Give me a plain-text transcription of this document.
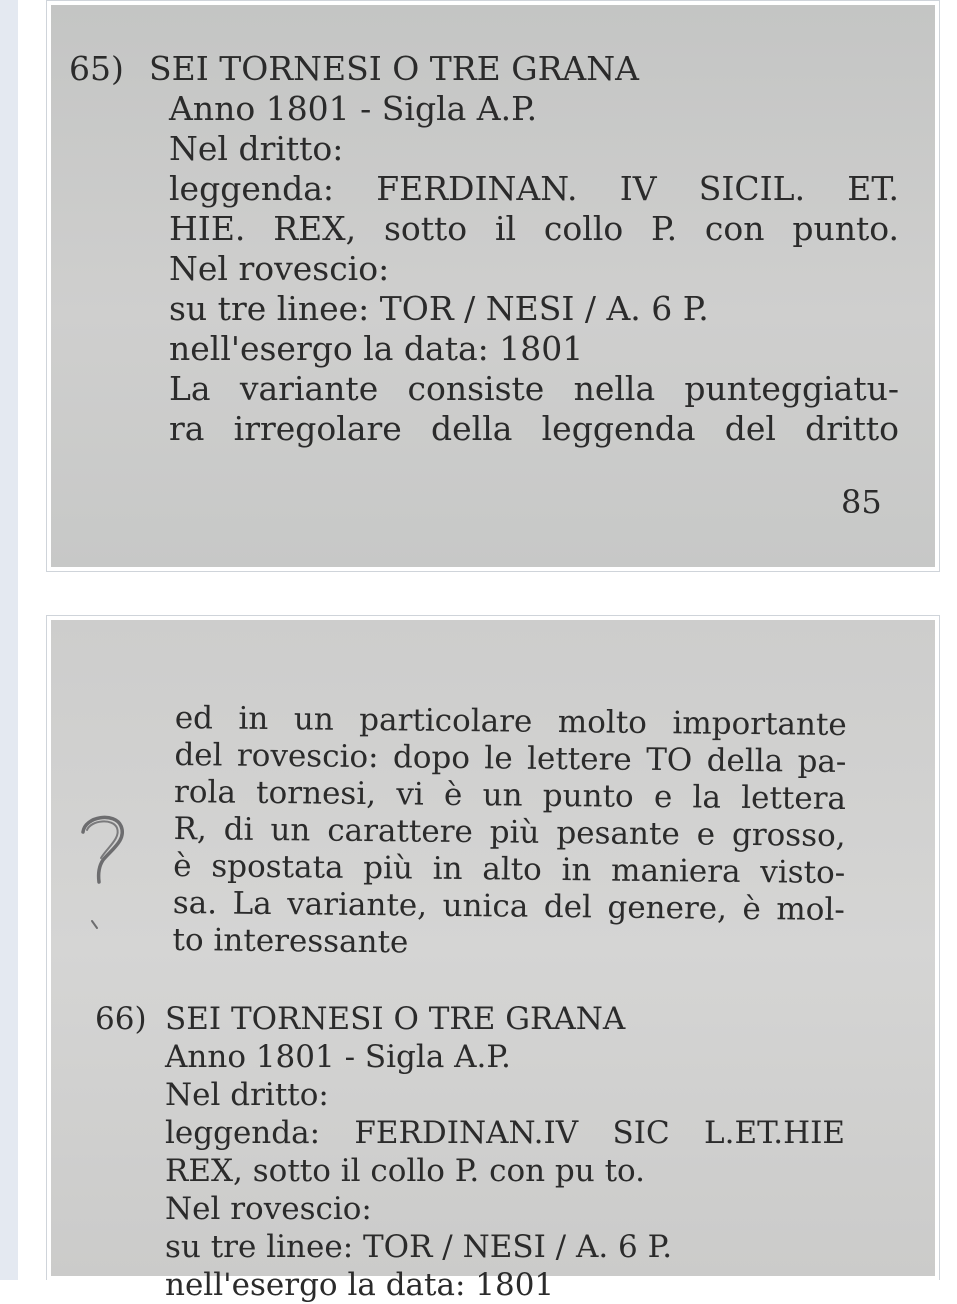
65) SEI TORNESI O TRE GRANA
Anno 1801 - Sigla A.P.
Nel dritto:
leggenda: FERDINAN. IV SICIL. ET.
HIE. REX, sotto il collo P. con punto.
Nel rovescio:
su tre linee: TOR / NESI / A. 6 P.
nell'esergo la data: 1801
La variante consiste nella punteggiatu-
ra irregolare della leggenda del dritto
85
ed in un particolare molto importante
del rovescio: dopo le lettere TO della pa-
rola tornesi, vi è un punto e la lettera
R, di un carattere più pesante e grosso,
è spostata più in alto in maniera visto-
sa. La variante, unica del genere, è mol-
to interessante
66) SEI TORNESI O TRE GRANA
Anno 1801 - Sigla A.P.
Nel dritto:
leggenda: FERDINAN.IV SIC L.ET.HIE
REX, sotto il collo P. con pu to.
Nel rovescio:
su tre linee: TOR / NESI / A. 6 P.
nell'esergo la data: 1801
